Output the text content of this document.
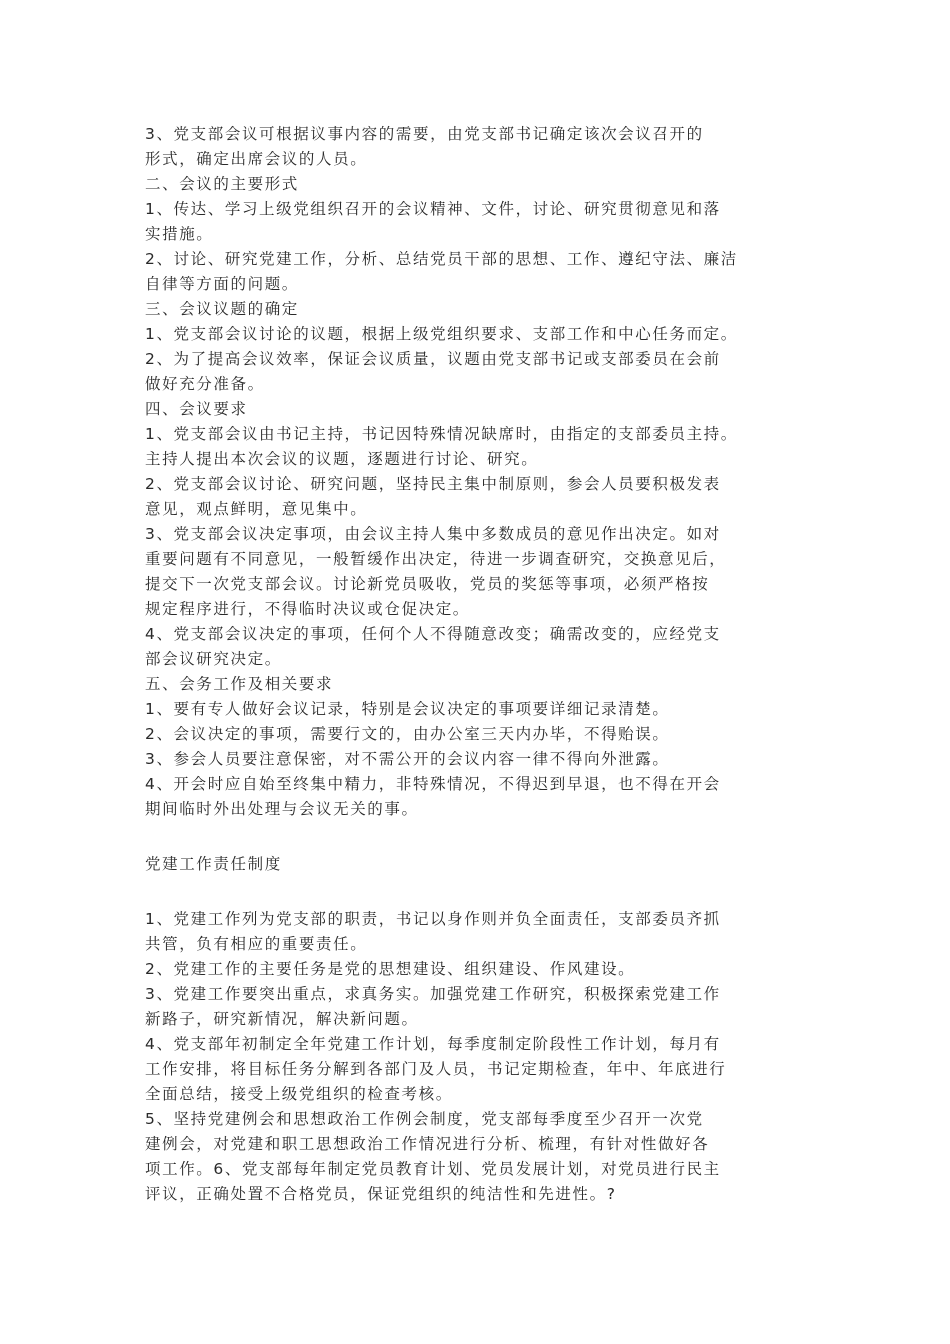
3、党支部会议可根据议事内容的需要，由党支部书记确定该次会议召开的
形式，确定出席会议的人员。
二、会议的主要形式
1、传达、学习上级党组织召开的会议精神、文件，讨论、研究贯彻意见和落
实措施。
2、讨论、研究党建工作，分析、总结党员干部的思想、工作、遵纪守法、廉洁
自律等方面的问题。
三、会议议题的确定
1、党支部会议讨论的议题，根据上级党组织要求、支部工作和中心任务而定。
2、为了提高会议效率，保证会议质量，议题由党支部书记或支部委员在会前
做好充分准备。
四、会议要求
1、党支部会议由书记主持，书记因特殊情况缺席时，由指定的支部委员主持。
主持人提出本次会议的议题，逐题进行讨论、研究。
2、党支部会议讨论、研究问题，坚持民主集中制原则，参会人员要积极发表
意见，观点鲜明，意见集中。
3、党支部会议决定事项，由会议主持人集中多数成员的意见作出决定。如对
重要问题有不同意见，一般暂缓作出决定，待进一步调查研究，交换意见后，
提交下一次党支部会议。讨论新党员吸收，党员的奖惩等事项，必须严格按
规定程序进行，不得临时决议或仓促决定。
4、党支部会议决定的事项，任何个人不得随意改变；确需改变的，应经党支
部会议研究决定。
五、会务工作及相关要求
1、要有专人做好会议记录，特别是会议决定的事项要详细记录清楚。
2、会议决定的事项，需要行文的，由办公室三天内办毕，不得贻误。
3、参会人员要注意保密，对不需公开的会议内容一律不得向外泄露。
4、开会时应自始至终集中精力，非特殊情况，不得迟到早退，也不得在开会
期间临时外出处理与会议无关的事。
党建工作责任制度
1、党建工作列为党支部的职责，书记以身作则并负全面责任，支部委员齐抓
共管，负有相应的重要责任。
2、党建工作的主要任务是党的思想建设、组织建设、作风建设。
3、党建工作要突出重点，求真务实。加强党建工作研究，积极探索党建工作
新路子，研究新情况，解决新问题。
4、党支部年初制定全年党建工作计划，每季度制定阶段性工作计划，每月有
工作安排，将目标任务分解到各部门及人员，书记定期检查，年中、年底进行
全面总结，接受上级党组织的检查考核。
5、坚持党建例会和思想政治工作例会制度，党支部每季度至少召开一次党
建例会，对党建和职工思想政治工作情况进行分析、梳理，有针对性做好各
项工作。6、党支部每年制定党员教育计划、党员发展计划，对党员进行民主
评议，正确处置不合格党员，保证党组织的纯洁性和先进性。?
